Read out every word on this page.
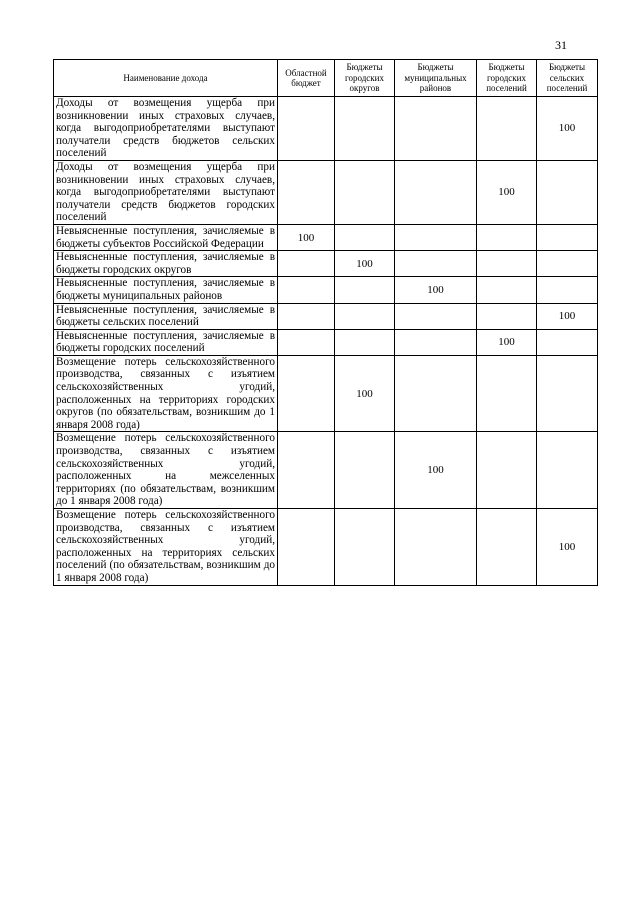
31
Наименование дохода	Областной бюджет	Бюджеты городских округов	Бюджеты муниципальных районов	Бюджеты городских поселений	Бюджеты сельских поселений
Доходы от возмещения ущерба при возникновении иных страховых случаев, когда выгодоприобретателями выступают получатели средств бюджетов сельских поселений					100
Доходы от возмещения ущерба при возникновении иных страховых случаев, когда выгодоприобретателями выступают получатели средств бюджетов городских поселений				100	
Невыясненные поступления, зачисляемые в бюджеты субъектов Российской Федерации	100				
Невыясненные поступления, зачисляемые в бюджеты городских округов		100			
Невыясненные поступления, зачисляемые в бюджеты муниципальных районов			100		
Невыясненные поступления, зачисляемые в бюджеты сельских поселений					100
Невыясненные поступления, зачисляемые в бюджеты городских поселений				100	
Возмещение потерь сельскохозяйственного производства, связанных с изъятием сельскохозяйственных угодий, расположенных на территориях городских округов (по обязательствам, возникшим до 1 января 2008 года)		100			
Возмещение потерь сельскохозяйственного производства, связанных с изъятием сельскохозяйственных угодий, расположенных на межселенных территориях (по обязательствам, возникшим до 1 января 2008 года)			100		
Возмещение потерь сельскохозяйственного производства, связанных с изъятием сельскохозяйственных угодий, расположенных на территориях сельских поселений (по обязательствам, возникшим до 1 января 2008 года)					100
